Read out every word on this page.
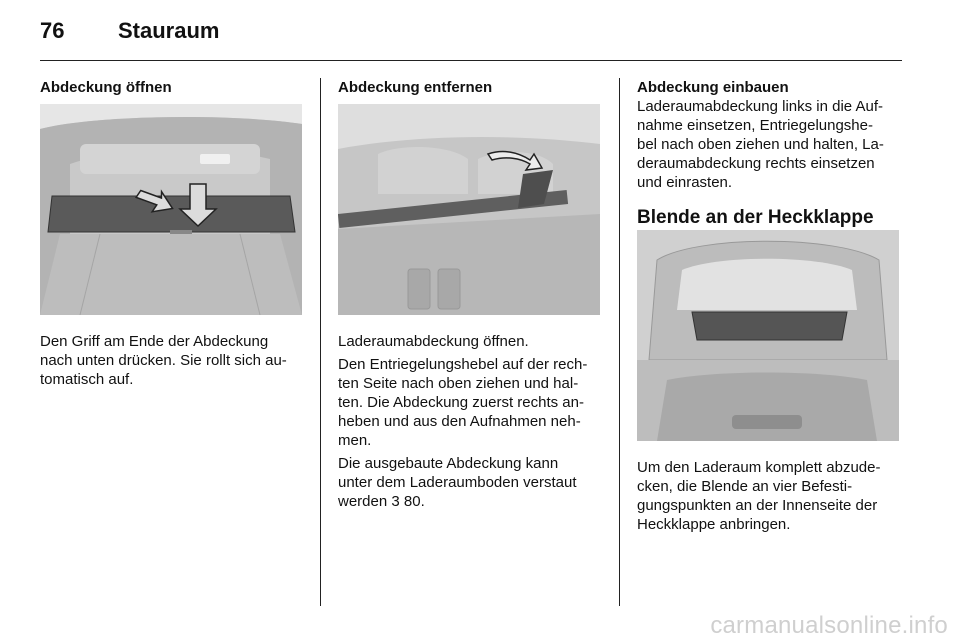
76 Stauraum
Abdeckung öffnen

Den Griff am Ende der Abdeckung

nach unten drücken. Sie rollt sich au-

tomatisch auf.

Abdeckung entfernen

Laderaumabdeckung öffnen.

Den Entriegelungshebel auf der rech-

ten Seite nach oben ziehen und hal-

ten. Die Abdeckung zuerst rechts an-

heben und aus den Aufnahmen neh-

men.

Die ausgebaute Abdeckung kann

unter dem Laderaumboden verstaut

werden 3 80.

Abdeckung einbauen

Laderaumabdeckung links in die Auf-

nahme einsetzen, Entriegelungshe-

bel nach oben ziehen und halten, La-

deraumabdeckung rechts einsetzen

und einrasten.

Blende an der Heckklappe

Um den Laderaum komplett abzude-

cken, die Blende an vier Befesti-

gungspunkten an der Innenseite der

Heckklappe anbringen.

carmanualsonline.info
